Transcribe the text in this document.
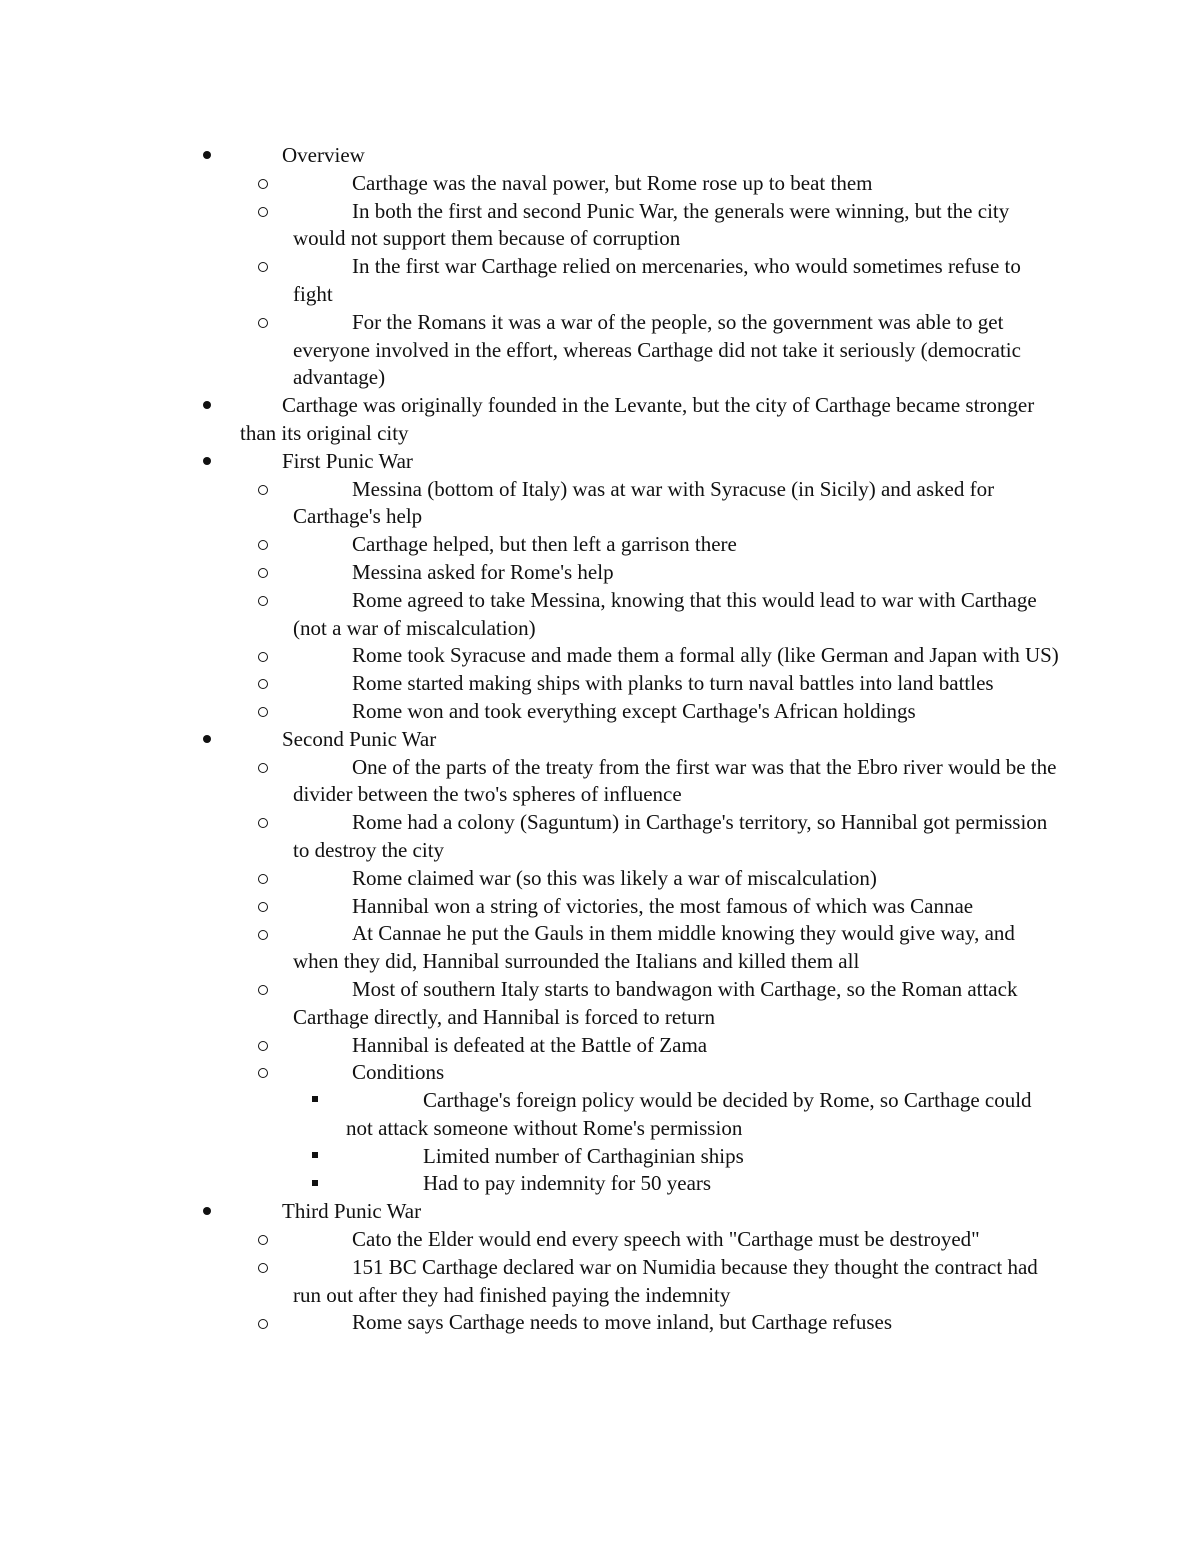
Overview
Carthage was the naval power, but Rome rose up to beat them
In both the first and second Punic War, the generals were winning, but the city would not support them because of corruption
In the first war Carthage relied on mercenaries, who would sometimes refuse to fight
For the Romans it was a war of the people, so the government was able to get everyone involved in the effort, whereas Carthage did not take it seriously (democratic advantage)
Carthage was originally founded in the Levante, but the city of Carthage became stronger than its original city
First Punic War
Messina (bottom of Italy) was at war with Syracuse (in Sicily) and asked for Carthage's help
Carthage helped, but then left a garrison there
Messina asked for Rome's help
Rome agreed to take Messina, knowing that this would lead to war with Carthage (not a war of miscalculation)
Rome took Syracuse and made them a formal ally (like German and Japan with US)
Rome started making ships with planks to turn naval battles into land battles
Rome won and took everything except Carthage's African holdings
Second Punic War
One of the parts of the treaty from the first war was that the Ebro river would be the divider between the two's spheres of influence
Rome had a colony (Saguntum) in Carthage's territory, so Hannibal got permission to destroy the city
Rome claimed war (so this was likely a war of miscalculation)
Hannibal won a string of victories, the most famous of which was Cannae
At Cannae he put the Gauls in them middle knowing they would give way, and when they did, Hannibal surrounded the Italians and killed them all
Most of southern Italy starts to bandwagon with Carthage, so the Roman attack Carthage directly, and Hannibal is forced to return
Hannibal is defeated at the Battle of Zama
Conditions
Carthage's foreign policy would be decided by Rome, so Carthage could not attack someone without Rome's permission
Limited number of Carthaginian ships
Had to pay indemnity for 50 years
Third Punic War
Cato the Elder would end every speech with "Carthage must be destroyed"
151 BC Carthage declared war on Numidia because they thought the contract had run out after they had finished paying the indemnity
Rome says Carthage needs to move inland, but Carthage refuses
